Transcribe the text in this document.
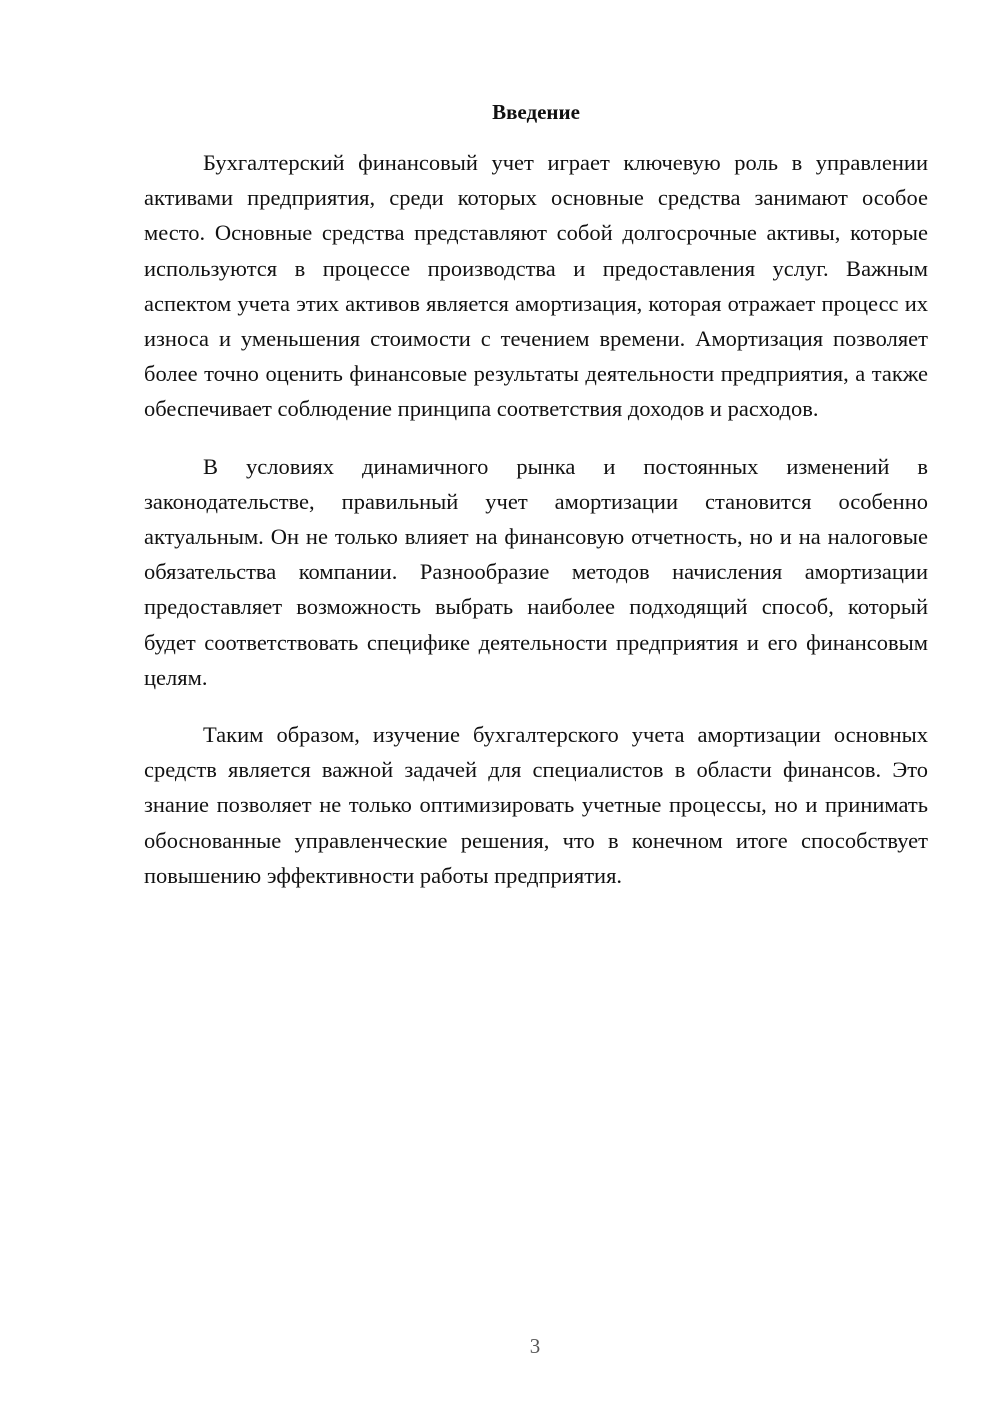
Введение

Бухгалтерский финансовый учет играет ключевую роль в управлении активами предприятия, среди которых основные средства занимают особое место. Основные средства представляют собой долгосрочные активы, которые используются в процессе производства и предоставления услуг. Важным аспектом учета этих активов является амортизация, которая отражает процесс их износа и уменьшения стоимости с течением времени. Амортизация позволяет более точно оценить финансовые результаты деятельности предприятия, а также обеспечивает соблюдение принципа соответствия доходов и расходов.

В условиях динамичного рынка и постоянных изменений в законодательстве, правильный учет амортизации становится особенно актуальным. Он не только влияет на финансовую отчетность, но и на налоговые обязательства компании. Разнообразие методов начисления амортизации предоставляет возможность выбрать наиболее подходящий способ, который будет соответствовать специфике деятельности предприятия и его финансовым целям.

Таким образом, изучение бухгалтерского учета амортизации основных средств является важной задачей для специалистов в области финансов. Это знание позволяет не только оптимизировать учетные процессы, но и принимать обоснованные управленческие решения, что в конечном итоге способствует повышению эффективности работы предприятия.

3
